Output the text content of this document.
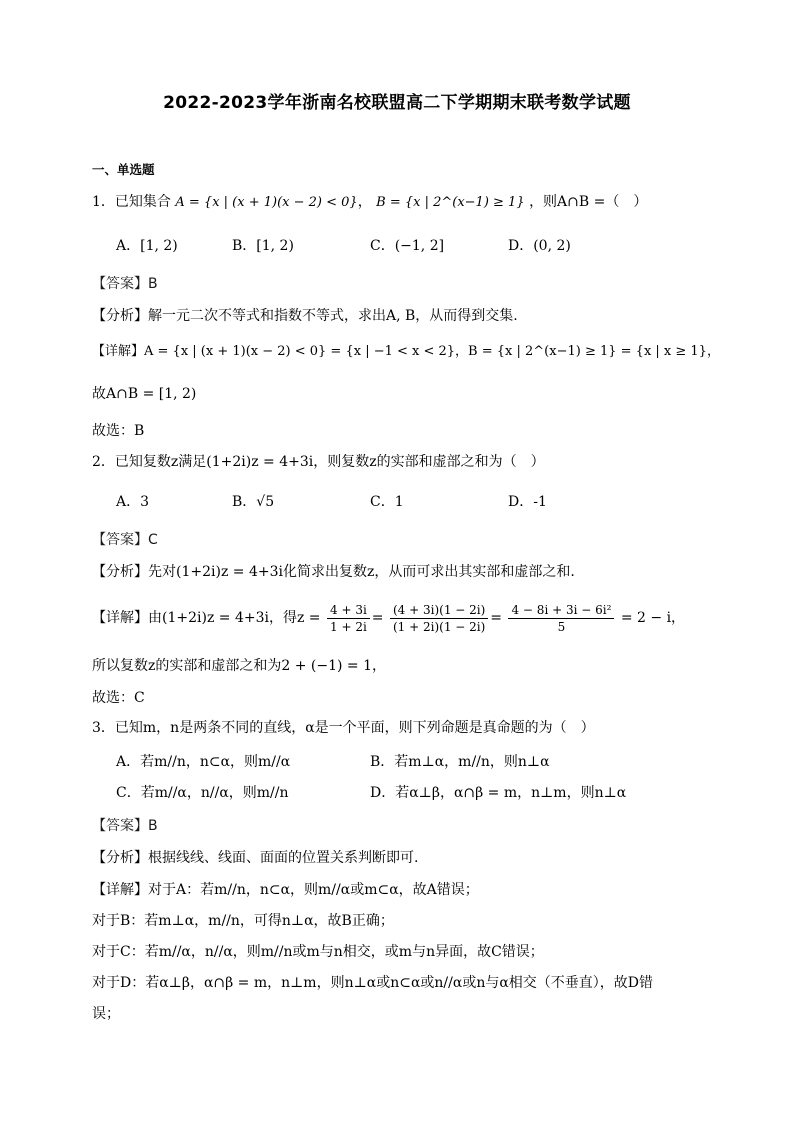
2022-2023学年浙南名校联盟高二下学期期末联考数学试题
一、单选题
1．已知集合 A = {x | (x + 1)(x − 2) < 0}， B = {x | 2^(x−1) ≥ 1} ，则A∩B =（　）
A．[1, 2)	B．[1, 2)	C．(−1, 2]	D．(0, 2)
【答案】B
【分析】解一元二次不等式和指数不等式，求出A, B，从而得到交集.
【详解】A = {x | (x + 1)(x − 2) < 0} = {x | −1 < x < 2}，B = {x | 2^(x−1) ≥ 1} = {x | x ≥ 1}，
故A∩B = [1, 2)
故选：B
2．已知复数z满足(1+2i)z = 4+3i，则复数z的实部和虚部之和为（　）
A．3	B．√5	C．1	D．-1
【答案】C
【分析】先对(1+2i)z = 4+3i化简求出复数z，从而可求出其实部和虚部之和.
【详解】由(1+2i)z = 4+3i，得$z = \frac{4 + 3i}{1 + 2i} = \frac{(4 + 3i)(1 - 2i)}{(1 + 2i)(1 - 2i)} = \frac{\text{4 − 8i + 3i − 6i²}}{5} = 2 - i$，
所以复数z的实部和虚部之和为2 + (−1) = 1，
故选：C
3．已知m，n是两条不同的直线，α是一个平面，则下列命题是真命题的为（　）
A．若m//n，n⊂α，则m//α	B．若m⊥α，m//n，则n⊥α
C．若m//α，n//α，则m//n	D．若α⊥β，α∩β = m，n⊥m，则n⊥α
【答案】B
【分析】根据线线、线面、面面的位置关系判断即可.
【详解】对于A：若m//n，n⊂α，则m//α或m⊂α，故A错误；
对于B：若m⊥α，m//n，可得n⊥α，故B正确；
对于C：若m//α，n//α，则m//n或m与n相交，或m与n异面，故C错误；
对于D：若α⊥β，α∩β = m，n⊥m，则n⊥α或n⊂α或n//α或n与α相交（不垂直），故D错
误；
